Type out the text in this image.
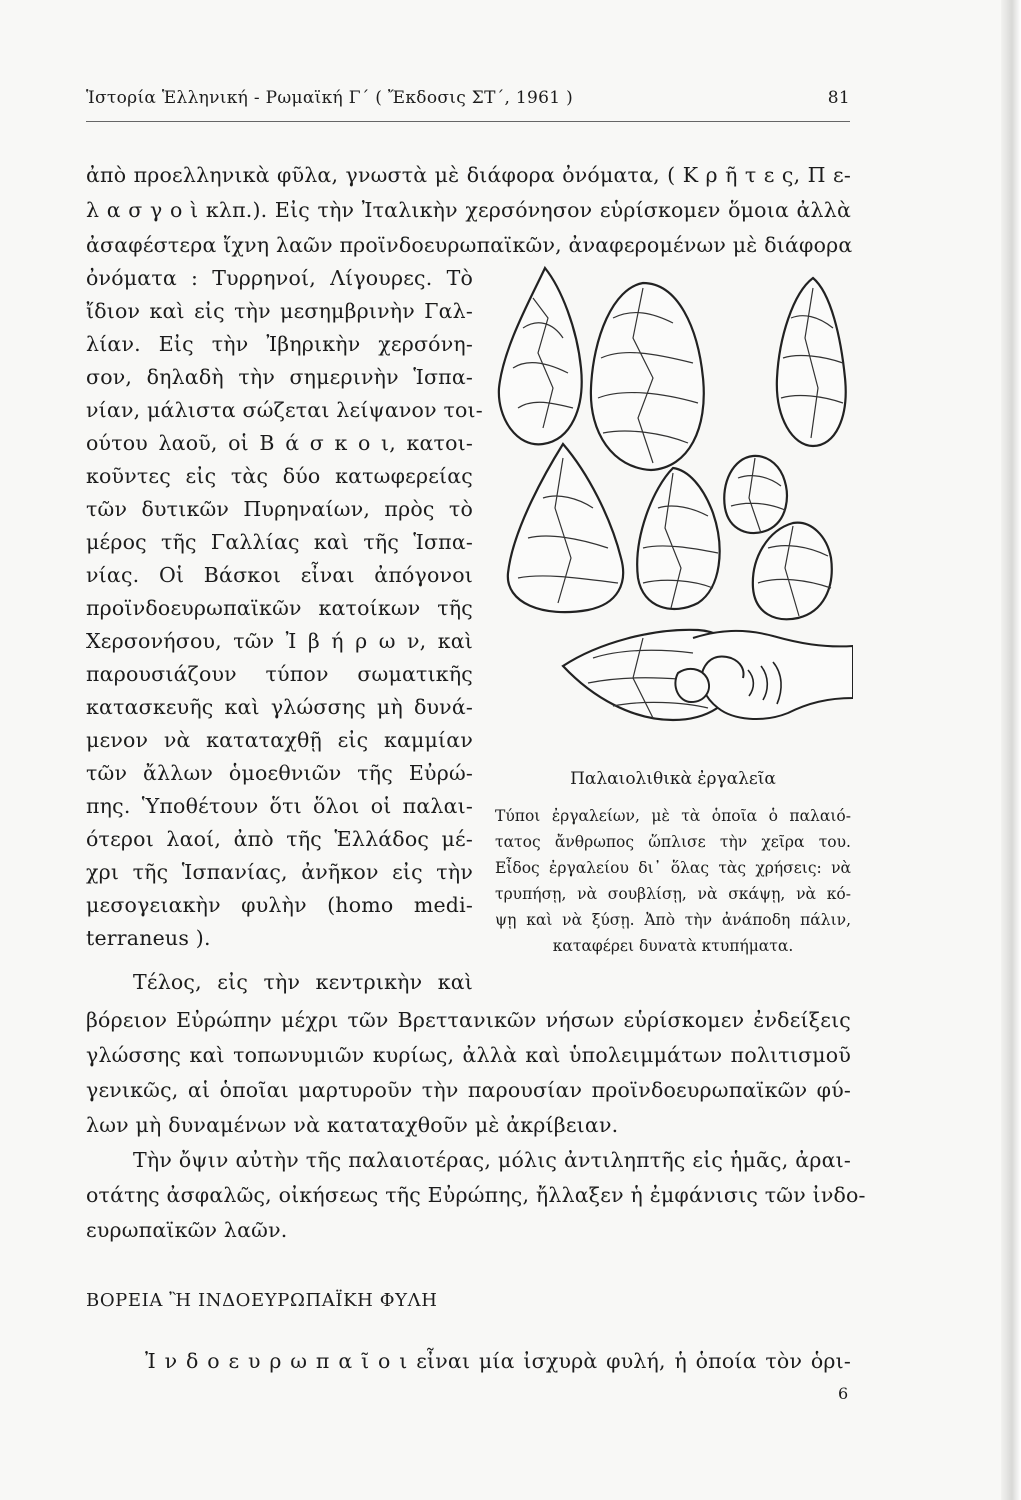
Ἱστορία Ἑλληνική - Ρωμαϊκή Γ΄ ( Ἔκδοσις ΣΤ΄, 1961 )	81
ἀπὸ προελληνικὰ φῦλα, γνωστὰ μὲ διάφορα ὀνόματα, ( Κ ρ ῆ τ ε ς, Π ε-
λ α σ γ ο ὶ κλπ.). Εἰς τὴν Ἰταλικὴν χερσόνησον εὑρίσκομεν ὅμοια ἀλλὰ
ἀσαφέστερα ἴχνη λαῶν προϊνδοευρωπαϊκῶν, ἀναφερομένων μὲ διάφορα
ὀνόματα : Τυρρηνοί, Λίγουρες. Τὸ
ἴδιον καὶ εἰς τὴν μεσημβρινὴν Γαλ-
λίαν. Εἰς τὴν Ἰβηρικὴν χερσόνη-
σον, δηλαδὴ τὴν σημερινὴν Ἱσπα-
νίαν, μάλιστα σώζεται λείψανον τοι-
ούτου λαοῦ, οἱ Β ά σ κ ο ι, κατοι-
κοῦντες εἰς τὰς δύο κατωφερείας
τῶν δυτικῶν Πυρηναίων, πρὸς τὸ
μέρος τῆς Γαλλίας καὶ τῆς Ἱσπα-
νίας. Οἱ Βάσκοι εἶναι ἀπόγονοι
προϊνδοευρωπαϊκῶν κατοίκων τῆς
Χερσονήσου, τῶν Ἰ β ή ρ ω ν, καὶ
παρουσιάζουν τύπον σωματικῆς
κατασκευῆς καὶ γλώσσης μὴ δυνά-
μενον νὰ καταταχθῇ εἰς καμμίαν
τῶν ἄλλων ὁμοεθνιῶν τῆς Εὐρώ-
πης. Ὑποθέτουν ὅτι ὅλοι οἱ παλαι-
ότεροι λαοί, ἀπὸ τῆς Ἑλλάδος μέ-
χρι τῆς Ἱσπανίας, ἀνῆκον εἰς τὴν
μεσογειακὴν φυλὴν (homo medi-
terraneus ).
Τέλος, εἰς τὴν κεντρικὴν καὶ
βόρειον Εὐρώπην μέχρι τῶν Βρεττανικῶν νήσων εὑρίσκομεν ἐνδείξεις
γλώσσης καὶ τοπωνυμιῶν κυρίως, ἀλλὰ καὶ ὑπολειμμάτων πολιτισμοῦ
γενικῶς, αἱ ὁποῖαι μαρτυροῦν τὴν παρουσίαν προϊνδοευρωπαϊκῶν φύ-
λων μὴ δυναμένων νὰ καταταχθοῦν μὲ ἀκρίβειαν.
Τὴν ὄψιν αὐτὴν τῆς παλαιοτέρας, μόλις ἀντιληπτῆς εἰς ἡμᾶς, ἀραι-
οτάτης ἀσφαλῶς, οἰκήσεως τῆς Εὐρώπης, ἤλλαξεν ἡ ἐμφάνισις τῶν ἰνδο-
ευρωπαϊκῶν λαῶν.
Παλαιολιθικὰ ἐργαλεῖα
Τύποι ἐργαλείων, μὲ τὰ ὁποῖα ὁ παλαιό-
τατος ἄνθρωπος ὥπλισε τὴν χεῖρα του.
Εἶδος ἐργαλείου δι᾽ ὅλας τὰς χρήσεις: νὰ
τρυπήσῃ, νὰ σουβλίσῃ, νὰ σκάψῃ, νὰ κό-
ψῃ καὶ νὰ ξύσῃ. Ἀπὸ τὴν ἀνάποδη πάλιν,
καταφέρει δυνατὰ κτυπήματα.
ΒΟΡΕΙΑ Ἢ ΙΝΔΟΕΥΡΩΠΑΪΚΗ ΦΥΛΗ
Ἰ ν δ ο ε υ ρ ω π α ῖ ο ι εἶναι μία ἰσχυρὰ φυλή, ἡ ὁποία τὸν ὁρι-
6
